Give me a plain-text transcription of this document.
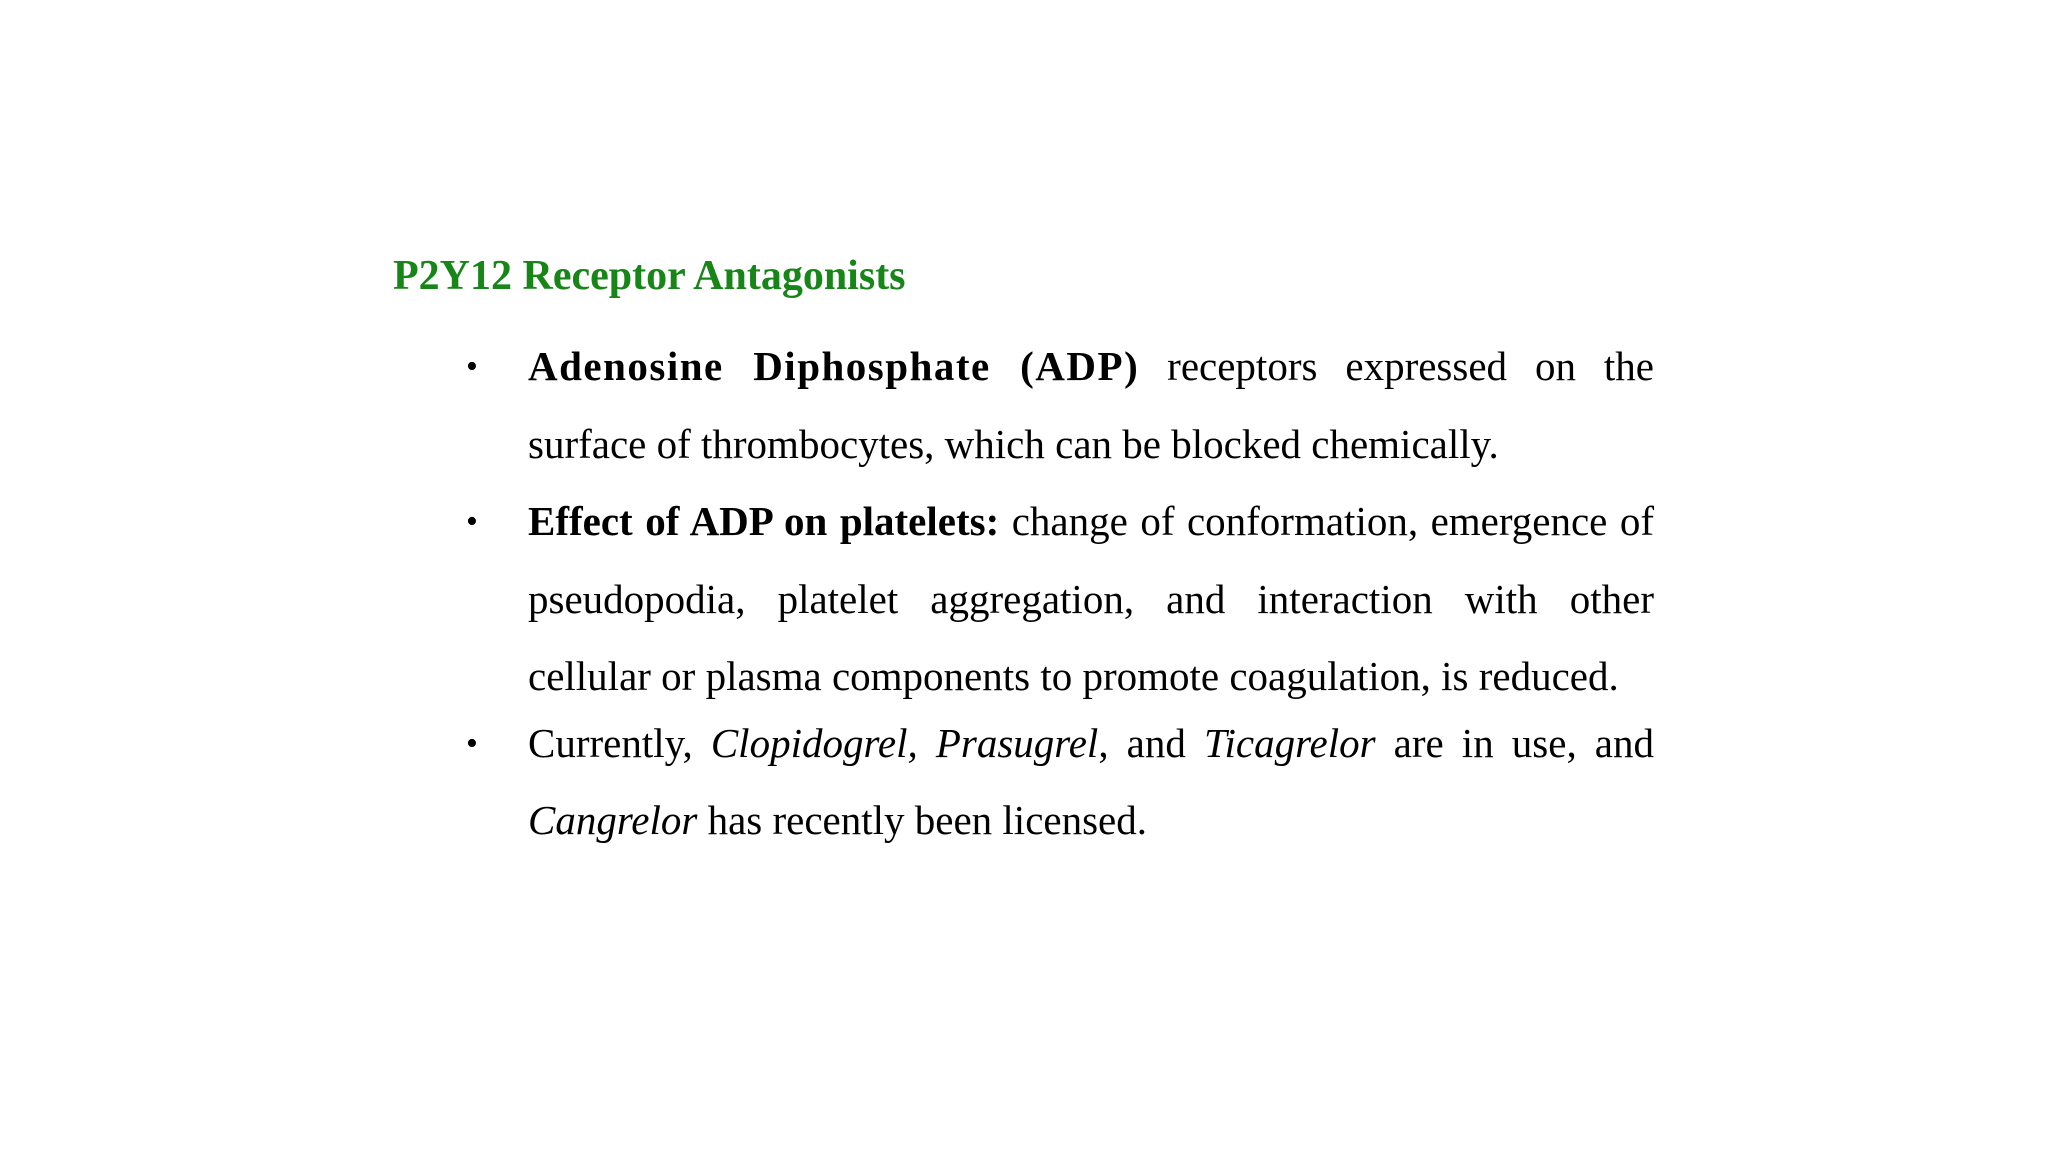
P2Y12 Receptor Antagonists
• Adenosine Diphosphate (ADP) receptors expressed on the surface of thrombocytes, which can be blocked chemically.
• Effect of ADP on platelets: change of conformation, emergence of pseudopodia, platelet aggregation, and interaction with other cellular or plasma components to promote coagulation, is reduced.
• Currently, Clopidogrel, Prasugrel, and Ticagrelor are in use, and Cangrelor has recently been licensed.
